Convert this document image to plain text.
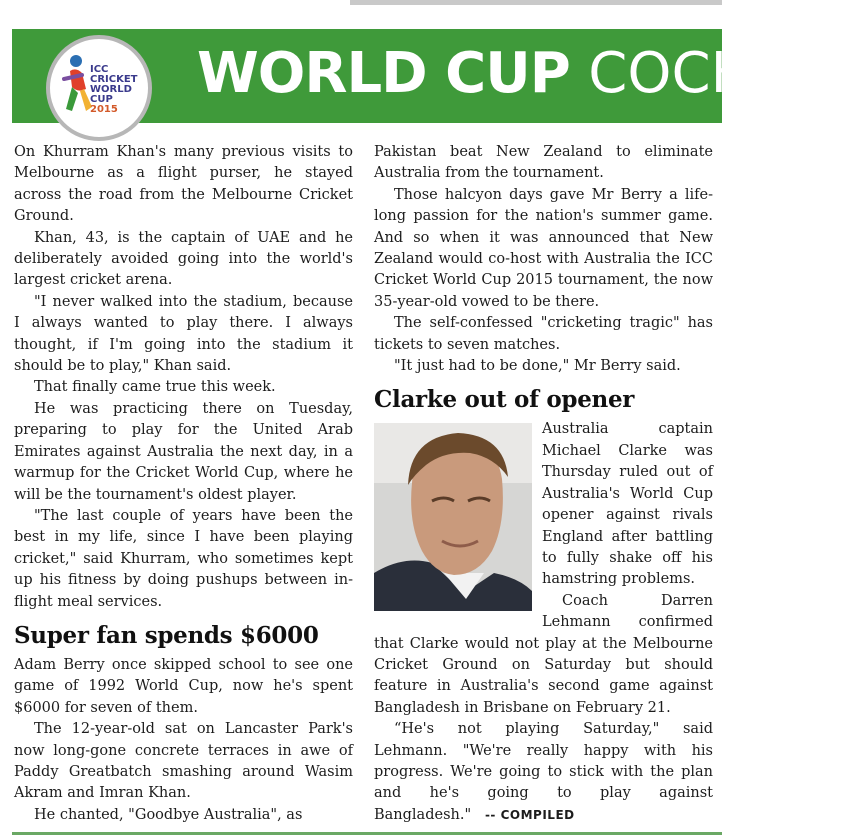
ICC
CRICKET
WORLD
CUP
2015
WORLD CUP COCKTAIL

On Khurram Khan's many previous visits to Melbourne as a flight purser, he stayed across the road from the Melbourne Cricket Ground.

Khan, 43, is the captain of UAE and he deliberately avoided going into the world's largest cricket arena.

"I never walked into the stadium, because I always wanted to play there. I always thought, if I'm going into the stadium it should be to play," Khan said.

That finally came true this week.

He was practicing there on Tuesday, preparing to play for the United Arab Emirates against Australia the next day, in a warmup for the Cricket World Cup, where he will be the tournament's oldest player.

"The last couple of years have been the best in my life, since I have been playing cricket," said Khurram, who sometimes kept up his fitness by doing pushups between in-flight meal services.

Super fan spends $6000

Adam Berry once skipped school to see one game of 1992 World Cup, now he's spent $6000 for seven of them.

The 12-year-old sat on Lancaster Park's now long-gone concrete terraces in awe of Paddy Greatbatch smashing around Wasim Akram and Imran Khan.

He chanted, "Goodbye Australia", as

Pakistan beat New Zealand to eliminate Australia from the tournament.

Those halcyon days gave Mr Berry a life-long passion for the nation's summer game. And so when it was announced that New Zealand would co-host with Australia the ICC Cricket World Cup 2015 tournament, the now 35-year-old vowed to be there.

The self-confessed "cricketing tragic" has tickets to seven matches.

"It just had to be done," Mr Berry said.

Clarke out of opener

Australia captain Michael Clarke was Thursday ruled out of Australia's World Cup opener against rivals England after battling to fully shake off his hamstring problems.

Coach Darren Lehmann confirmed that Clarke would not play at the Melbourne Cricket Ground on Saturday but should feature in Australia's second game against Bangladesh in Brisbane on February 21.

“He's not playing Saturday," said Lehmann. "We're really happy with his progress. We're going to stick with the plan and he's going to play against Bangladesh." -- COMPILED
